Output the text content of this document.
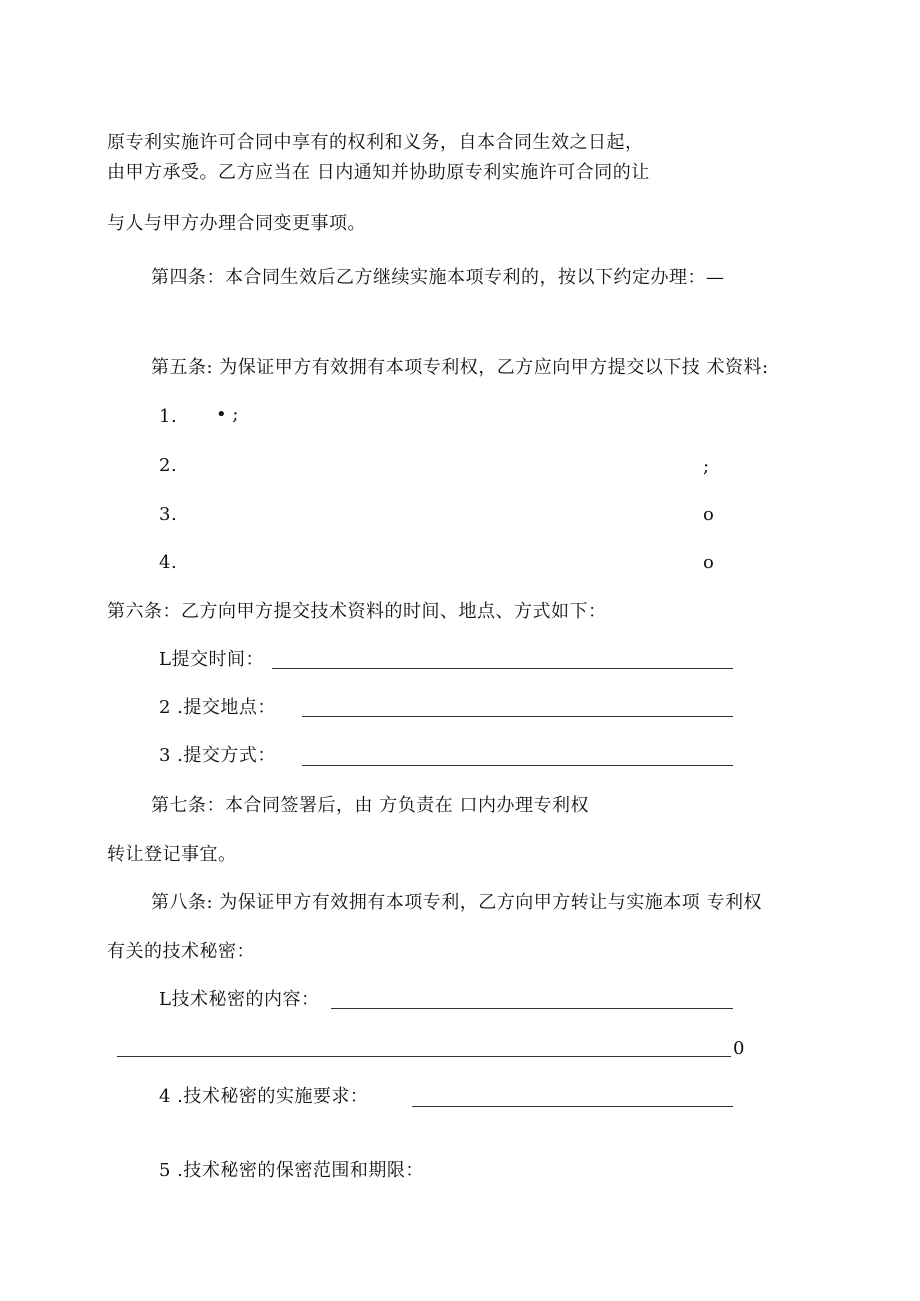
原专利实施许可合同中享有的权利和义务，自本合同生效之日起，
由甲方承受。乙方应当在 日内通知并协助原专利实施许可合同的让
与人与甲方办理合同变更事项。
第四条：本合同生效后乙方继续实施本项专利的，按以下约定办理：—
第五条: 为保证甲方有效拥有本项专利权，乙方应向甲方提交以下技 术资料:
1. • ;
2.	;
3.	o
4.	o
第六条：乙方向甲方提交技术资料的时间、地点、方式如下：
L提交时间：
2 .提交地点：
3 .提交方式：
第七条：本合同签署后，由 方负责在 口内办理专利权
转让登记事宜。
第八条: 为保证甲方有效拥有本项专利，乙方向甲方转让与实施本项 专利权
有关的技术秘密：
L技术秘密的内容：
0
4 .技术秘密的实施要求：
5 .技术秘密的保密范围和期限：
